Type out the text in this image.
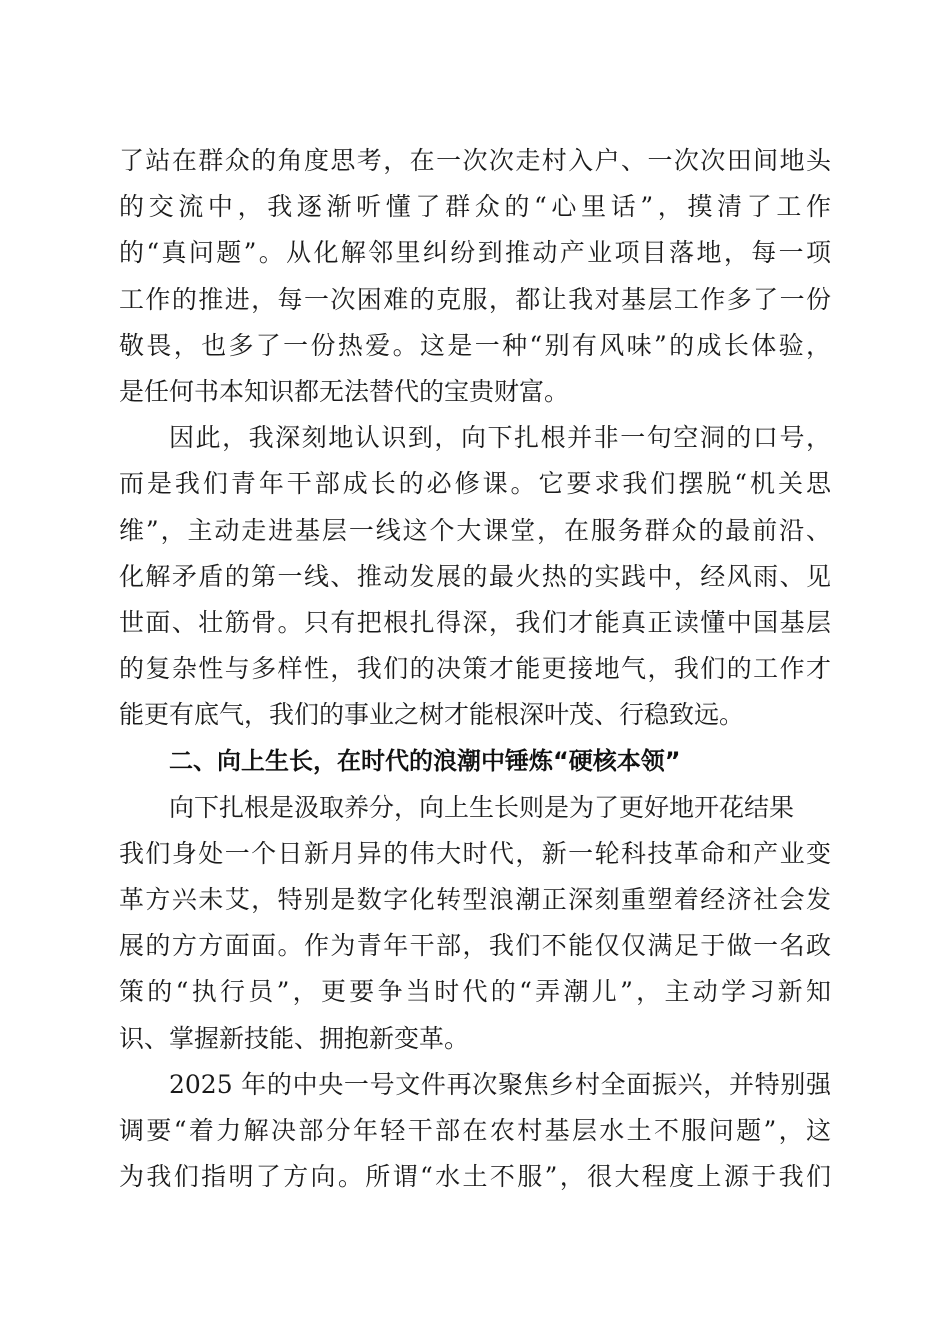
了站在群众的角度思考，在一次次走村入户、一次次田间地头
的交流中，我逐渐听懂了群众的“心里话”，摸清了工作
的“真问题”。从化解邻里纠纷到推动产业项目落地，每一项
工作的推进，每一次困难的克服，都让我对基层工作多了一份
敬畏，也多了一份热爱。这是一种“别有风味”的成长体验，
是任何书本知识都无法替代的宝贵财富。
因此，我深刻地认识到，向下扎根并非一句空洞的口号，
而是我们青年干部成长的必修课。它要求我们摆脱“机关思
维”，主动走进基层一线这个大课堂，在服务群众的最前沿、
化解矛盾的第一线、推动发展的最火热的实践中，经风雨、见
世面、壮筋骨。只有把根扎得深，我们才能真正读懂中国基层
的复杂性与多样性，我们的决策才能更接地气，我们的工作才
能更有底气，我们的事业之树才能根深叶茂、行稳致远。
二、向上生长，在时代的浪潮中锤炼“硬核本领”
向下扎根是汲取养分，向上生长则是为了更好地开花结果
我们身处一个日新月异的伟大时代，新一轮科技革命和产业变
革方兴未艾，特别是数字化转型浪潮正深刻重塑着经济社会发
展的方方面面。作为青年干部，我们不能仅仅满足于做一名政
策的“执行员”，更要争当时代的“弄潮儿”，主动学习新知
识、掌握新技能、拥抱新变革。
2025 年的中央一号文件再次聚焦乡村全面振兴，并特别强
调要“着力解决部分年轻干部在农村基层水土不服问题”，这
为我们指明了方向。所谓“水土不服”，很大程度上源于我们
